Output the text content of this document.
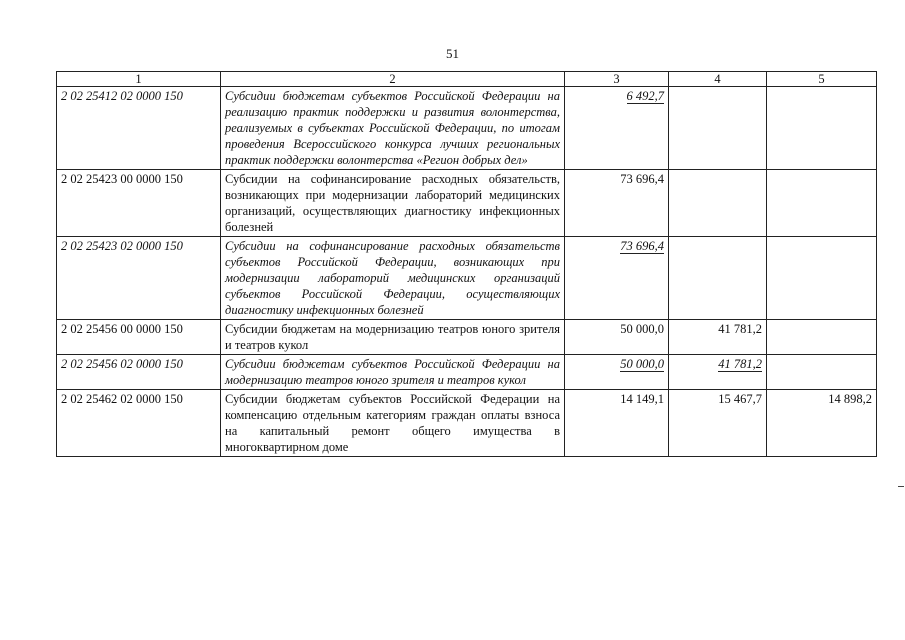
51
1	2	3	4	5
2 02 25412 02 0000 150	Субсидии бюджетам субъектов Российской Федерации на реализацию практик поддержки и развития волонтерства, реализуемых в субъектах Российской Федерации, по итогам проведения Всероссийского конкурса лучших региональных практик поддержки волонтерства «Регион добрых дел»	6 492,7		
2 02 25423 00 0000 150	Субсидии на софинансирование расходных обязательств, возникающих при модернизации лабораторий медицинских организаций, осуществляющих диагностику инфекционных болезней	73 696,4		
2 02 25423 02 0000 150	Субсидии на софинансирование расходных обязательств субъектов Российской Федерации, возникающих при модернизации лабораторий медицинских организаций субъектов Российской Федерации, осуществляющих диагностику инфекционных болезней	73 696,4		
2 02 25456 00 0000 150	Субсидии бюджетам на модернизацию театров юного зрителя и театров кукол	50 000,0	41 781,2	
2 02 25456 02 0000 150	Субсидии бюджетам субъектов Российской Федерации на модернизацию театров юного зрителя и театров кукол	50 000,0	41 781,2	
2 02 25462 02 0000 150	Субсидии бюджетам субъектов Российской Федерации на компенсацию отдельным категориям граждан оплаты взноса на капитальный ремонт общего имущества в многоквартирном доме	14 149,1	15 467,7	14 898,2
